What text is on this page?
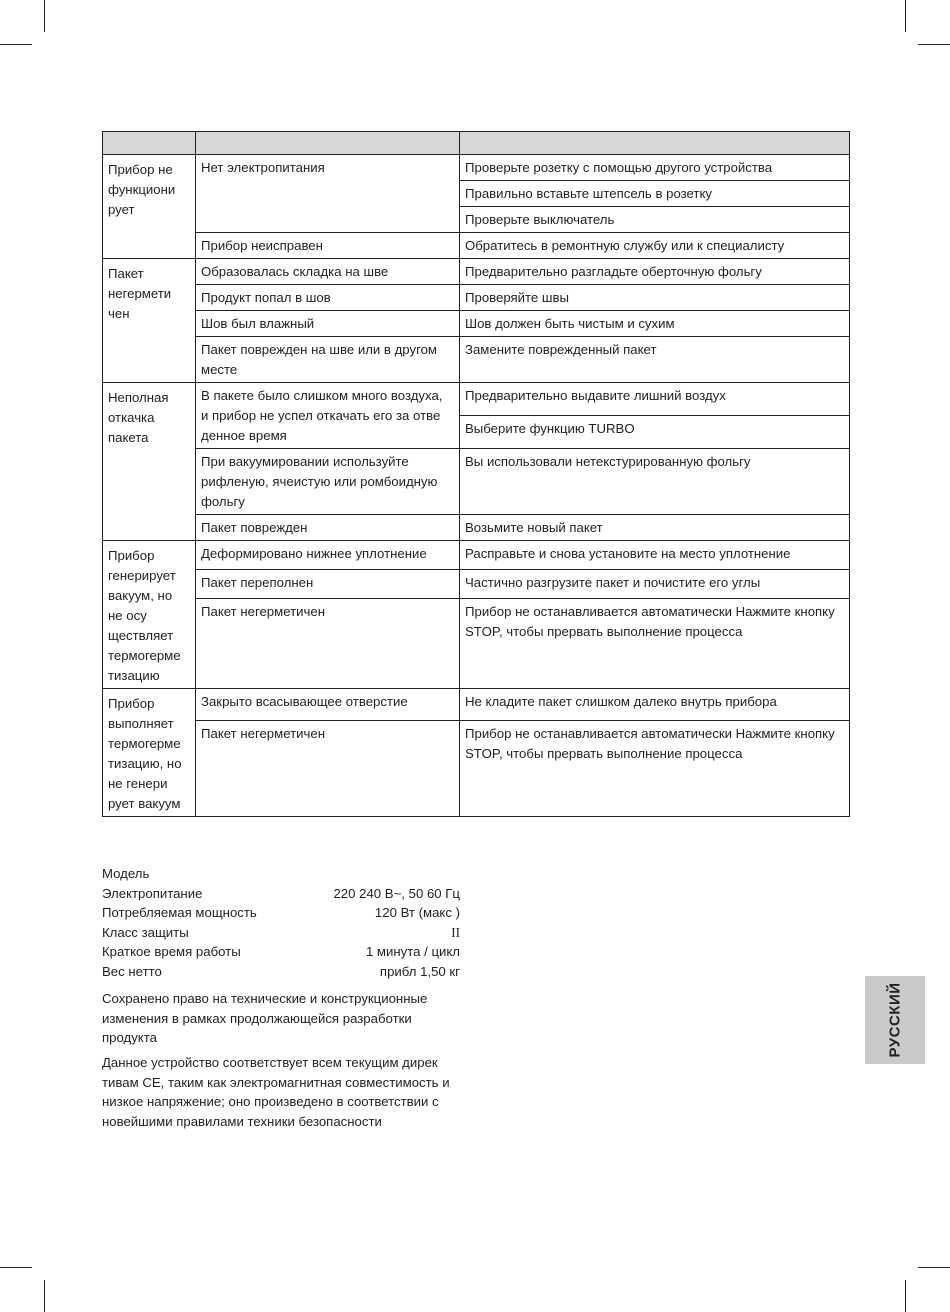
Прибор не функциони рует	Нет электропитания	Проверьте розетку с помощью другого устройства
		Правильно вставьте штепсель в розетку
		Проверьте выключатель
	Прибор неисправен	Обратитесь в ремонтную службу или к специалисту
Пакет негермети чен	Образовалась складка на шве	Предварительно разгладьте оберточную фольгу
	Продукт попал в шов	Проверяйте швы
	Шов был влажный	Шов должен быть чистым и сухим
	Пакет поврежден на шве или в другом месте	Замените поврежденный пакет
Неполная откачка пакета	В пакете было слишком много воздуха, и прибор не успел откачать его за отве денное время	Предварительно выдавите лишний воздух
		Выберите функцию TURBO
	При вакуумировании используйте рифленую, ячеистую или ромбоидную фольгу	Вы использовали нетекстурированную фольгу
	Пакет поврежден	Возьмите новый пакет
Прибор генерирует вакуум, но не осу ществляет термогерме тизацию	Деформировано нижнее уплотнение	Расправьте и снова установите на место уплотнение
	Пакет переполнен	Частично разгрузите пакет и почистите его углы
	Пакет негерметичен	Прибор не останавливается автоматически Нажмите кнопку STOP, чтобы прервать выполнение процесса
Прибор выполняет термогерме тизацию, но не генери рует вакуум	Закрыто всасывающее отверстие	Не кладите пакет слишком далеко внутрь прибора
	Пакет негерметичен	Прибор не останавливается автоматически Нажмите кнопку STOP, чтобы прервать выполнение процесса
Модель
Электропитание	220 240 В~, 50 60 Гц
Потребляемая мощность	120 Вт (макс )
Класс защиты	II
Краткое время работы	1 минута / цикл
Вес нетто	прибл 1,50 кг

Сохранено право на технические и конструкционные изменения в рамках продолжающейся разработки продукта

Данное устройство соответствует всем текущим дирек тивам CE, таким как электромагнитная совместимость и низкое напряжение; оно произведено в соответствии с новейшими правилами техники безопасности

РУССКИЙ
